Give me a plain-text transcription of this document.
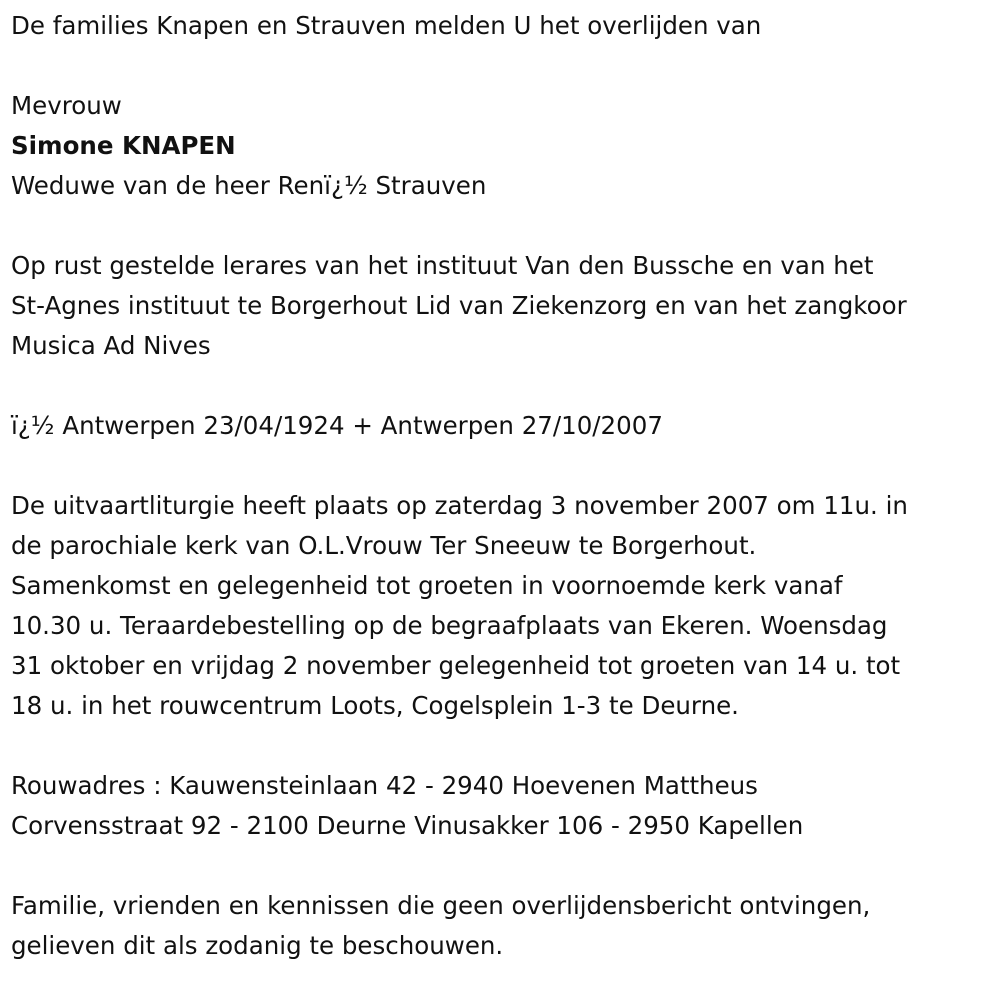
De families Knapen en Strauven melden U het overlijden van

Mevrouw

Simone KNAPEN

Weduwe van de heer Renï¿½ Strauven

Op rust gestelde lerares van het instituut Van den Bussche en van het

St-Agnes instituut te Borgerhout Lid van Ziekenzorg en van het zangkoor

Musica Ad Nives

ï¿½ Antwerpen 23/04/1924 + Antwerpen 27/10/2007

De uitvaartliturgie heeft plaats op zaterdag 3 november 2007 om 11u. in

de parochiale kerk van O.L.Vrouw Ter Sneeuw te Borgerhout.

Samenkomst en gelegenheid tot groeten in voornoemde kerk vanaf

10.30 u. Teraardebestelling op de begraafplaats van Ekeren. Woensdag

31 oktober en vrijdag 2 november gelegenheid tot groeten van 14 u. tot

18 u. in het rouwcentrum Loots, Cogelsplein 1-3 te Deurne.

Rouwadres : Kauwensteinlaan 42 - 2940 Hoevenen Mattheus

Corvensstraat 92 - 2100 Deurne Vinusakker 106 - 2950 Kapellen

Familie, vrienden en kennissen die geen overlijdensbericht ontvingen,

gelieven dit als zodanig te beschouwen.
